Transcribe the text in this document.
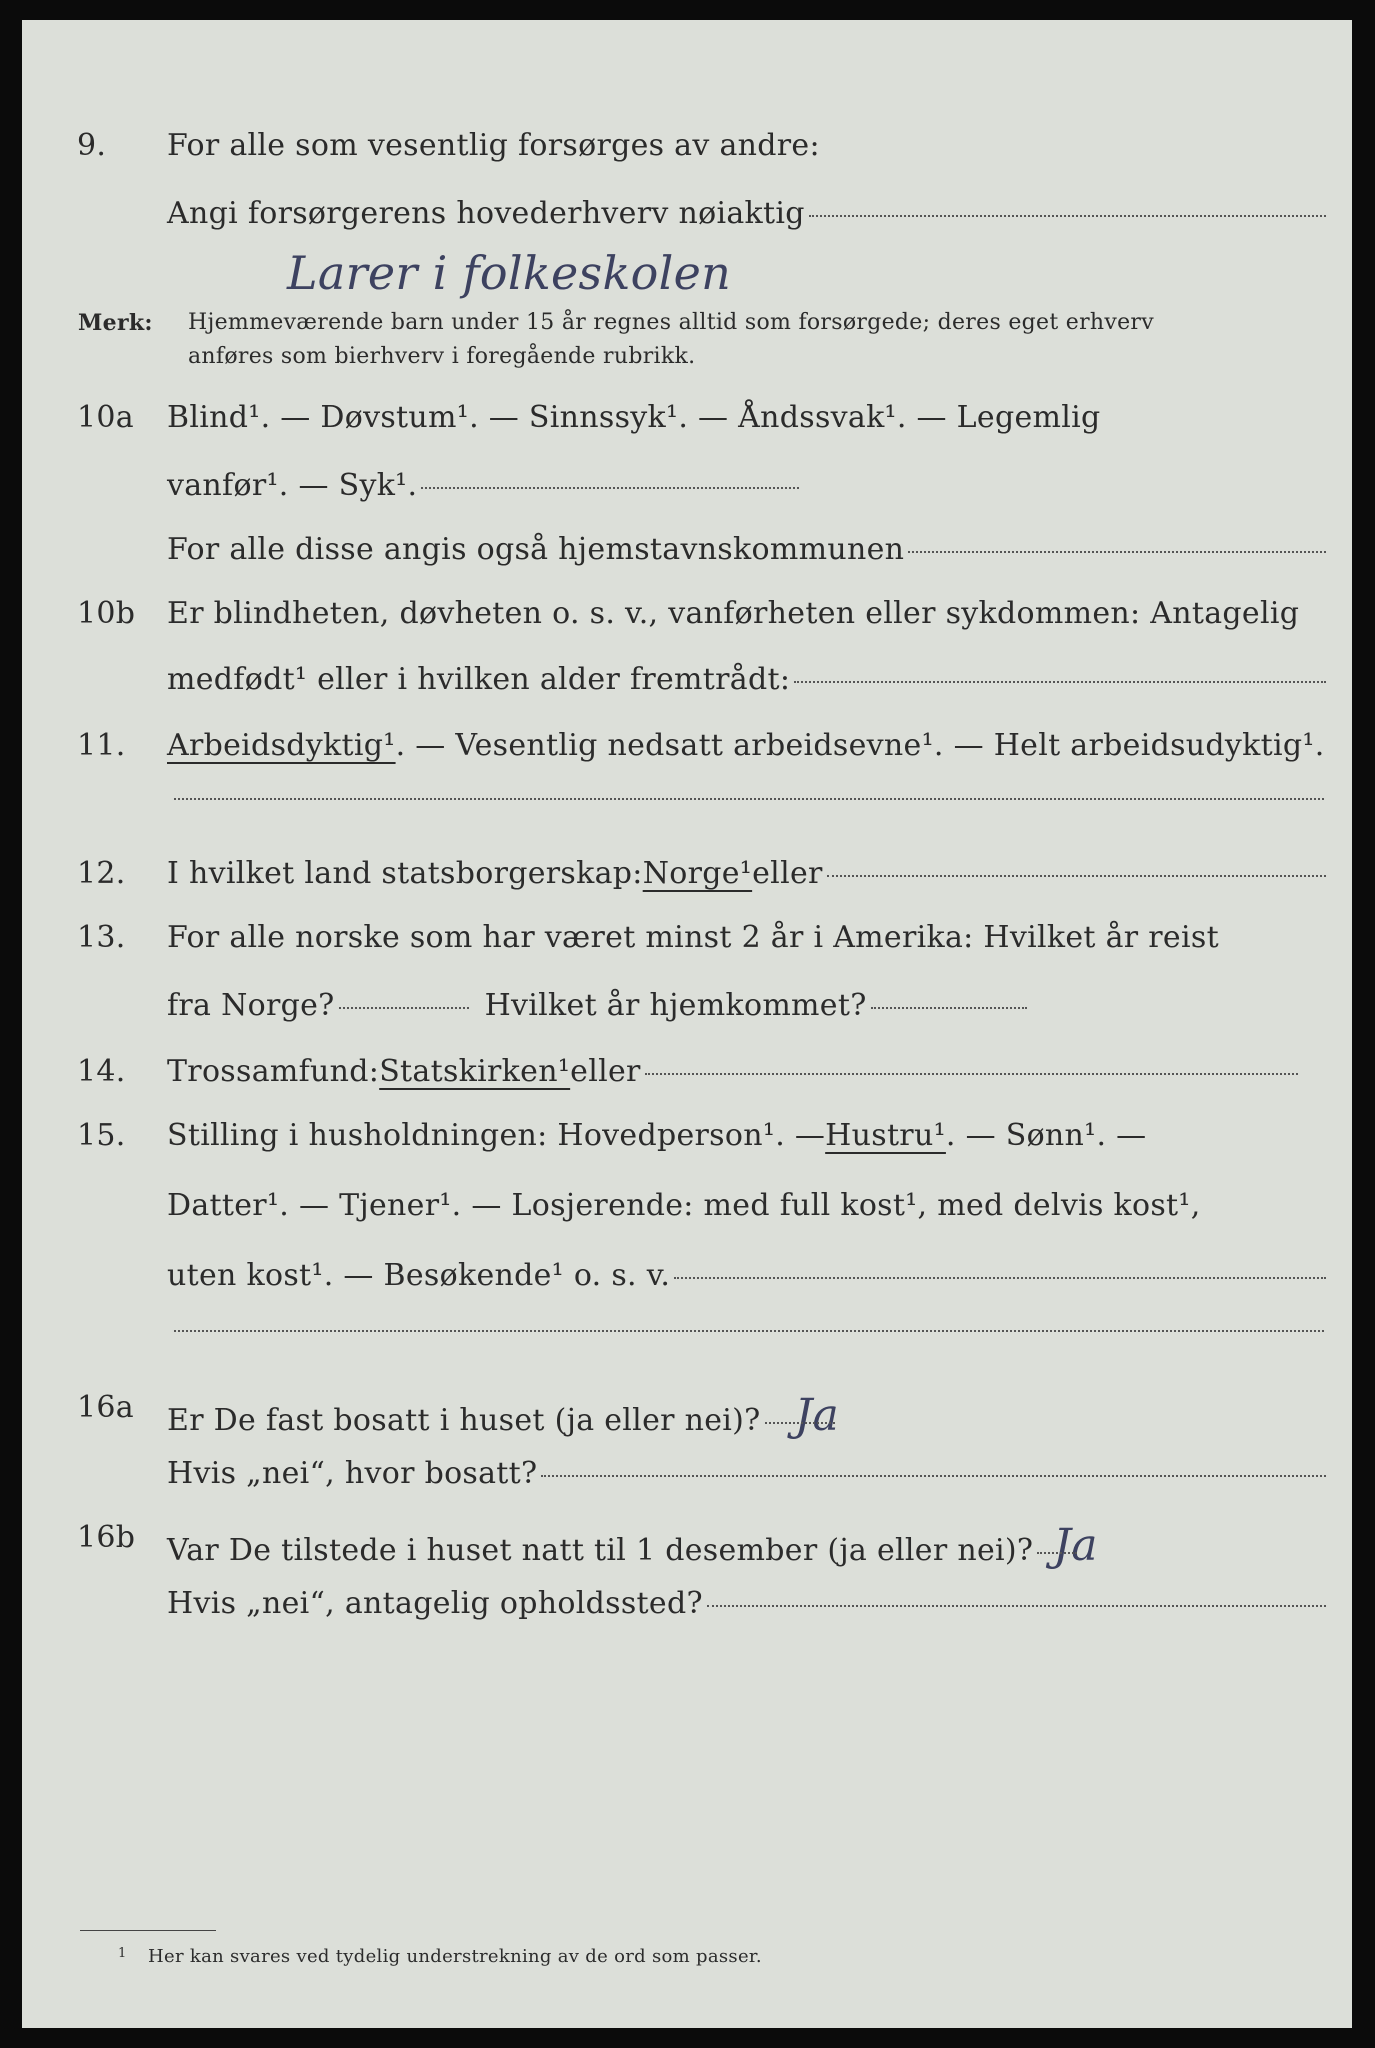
9. For alle som vesentlig forsørges av andre:
Angi forsørgerens hovederhverv nøiaktig
Larer i folkeskolen
Merk: Hjemmeværende barn under 15 år regnes alltid som forsørgede; deres eget erhverv
anføres som bierhverv i foregående rubrikk.
10a Blind¹. — Døvstum¹. — Sinnssyk¹. — Åndssvak¹. — Legemlig
vanfør¹. — Syk¹.
For alle disse angis også hjemstavnskommunen
10b Er blindheten, døvheten o. s. v., vanførheten eller sykdommen: Antagelig
medfødt¹ eller i hvilken alder fremtrådt:
11. Arbeidsdyktig¹ . — Vesentlig nedsatt arbeidsevne¹. — Helt arbeidsudyktig¹.
12. I hvilket land statsborgerskap: Norge¹ eller
13. For alle norske som har været minst 2 år i Amerika: Hvilket år reist
fra Norge?	Hvilket år hjemkommet?
14. Trossamfund: Statskirken¹ eller
15. Stilling i husholdningen: Hovedperson¹. — Hustru¹ . — Sønn¹. —
Datter¹. — Tjener¹. — Losjerende: med full kost¹, med delvis kost¹,
uten kost¹. — Besøkende¹ o. s. v.
16a Er De fast bosatt i huset (ja eller nei)? Ja
Hvis „nei“, hvor bosatt?
16b Var De tilstede i huset natt til 1 desember (ja eller nei)? Ja
Hvis „nei“, antagelig opholdssted?
1 Her kan svares ved tydelig understrekning av de ord som passer.
